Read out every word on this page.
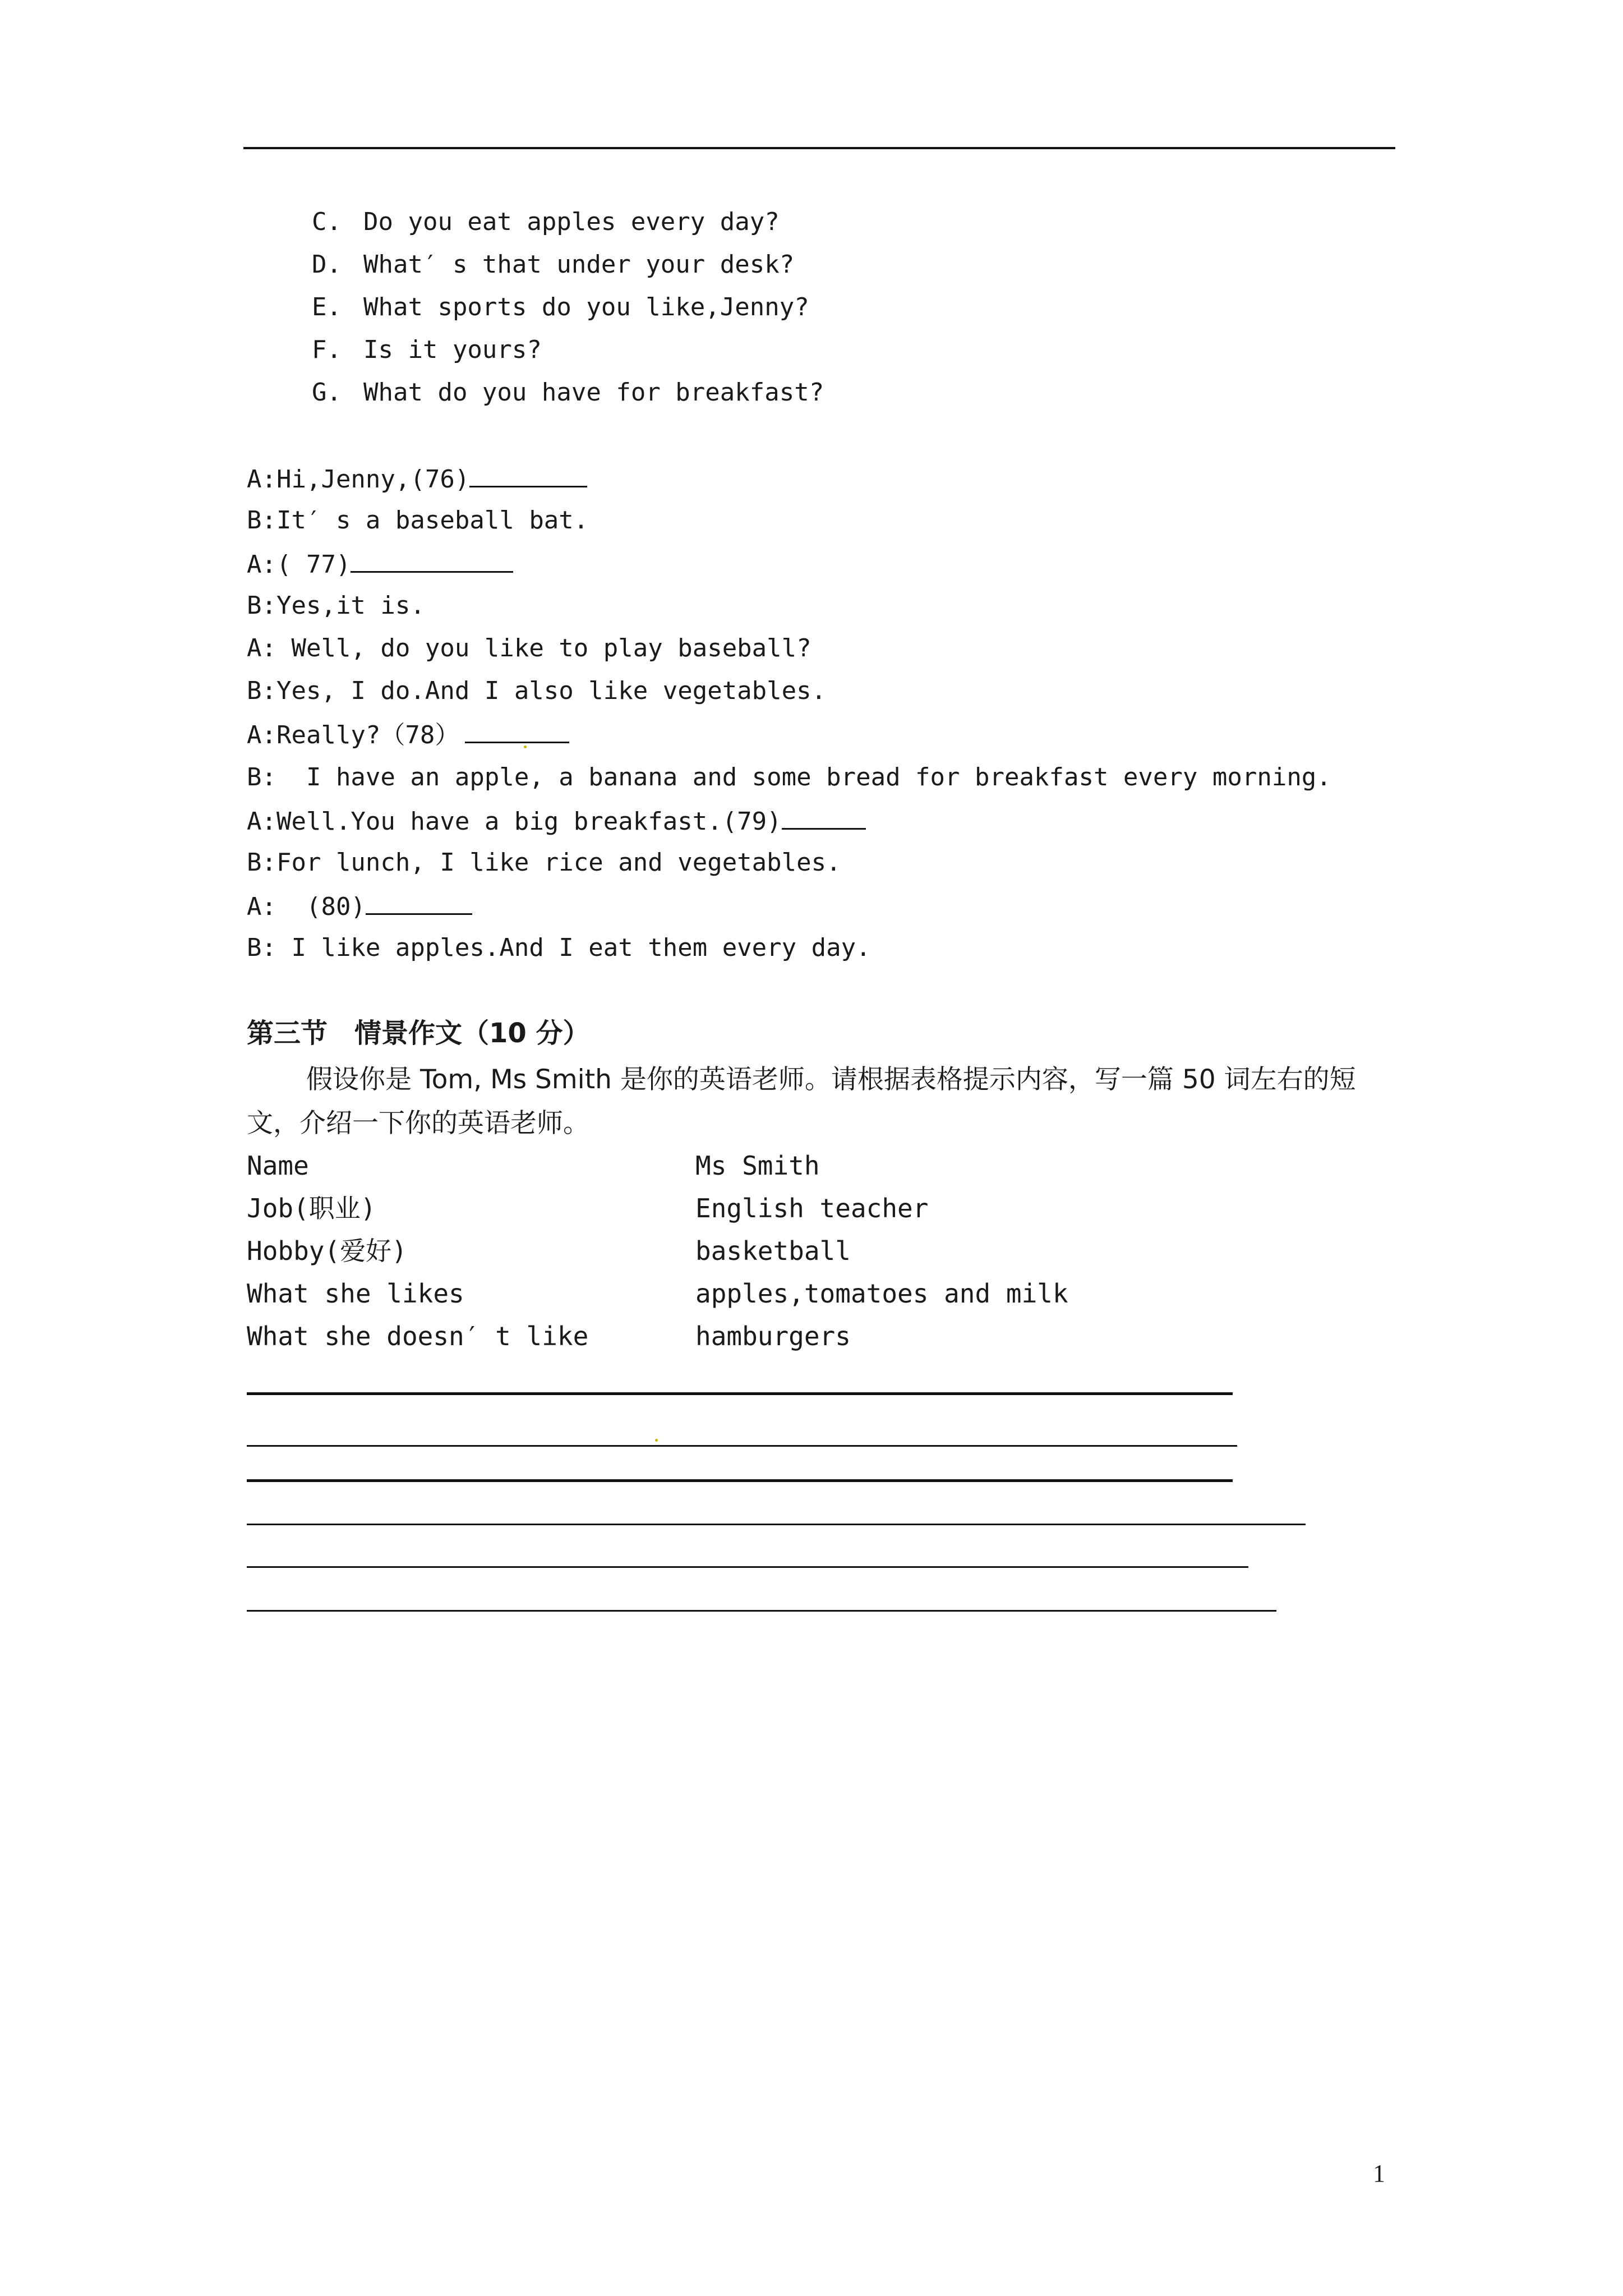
C. Do you eat apples every day?
D. What′ s that under your desk?
E. What sports do you like,Jenny?
F. Is it yours?
G. What do you have for breakfast?
A:Hi,Jenny,(76)
B:It′ s a baseball bat.
A:( 77)
B:Yes,it is.
A: Well, do you like to play baseball?
B:Yes, I do.And I also like vegetables.
A:Really?（78）
B:  I have an apple, a banana and some bread for breakfast every morning.
A:Well.You have a big breakfast.(79)
B:For lunch, I like rice and vegetables.
A:  (80)
B: I like apples.And I eat them every day.
第三节　情景作文（10 分）
假设你是 Tom, Ms Smith 是你的英语老师。请根据表格提示内容，写一篇 50 词左右的短文，介绍一下你的英语老师。
Name	Ms Smith
Job(职业)	English teacher
Hobby(爱好)	basketball
What she likes	apples,tomatoes and milk
What she doesn′ t like	hamburgers
1
